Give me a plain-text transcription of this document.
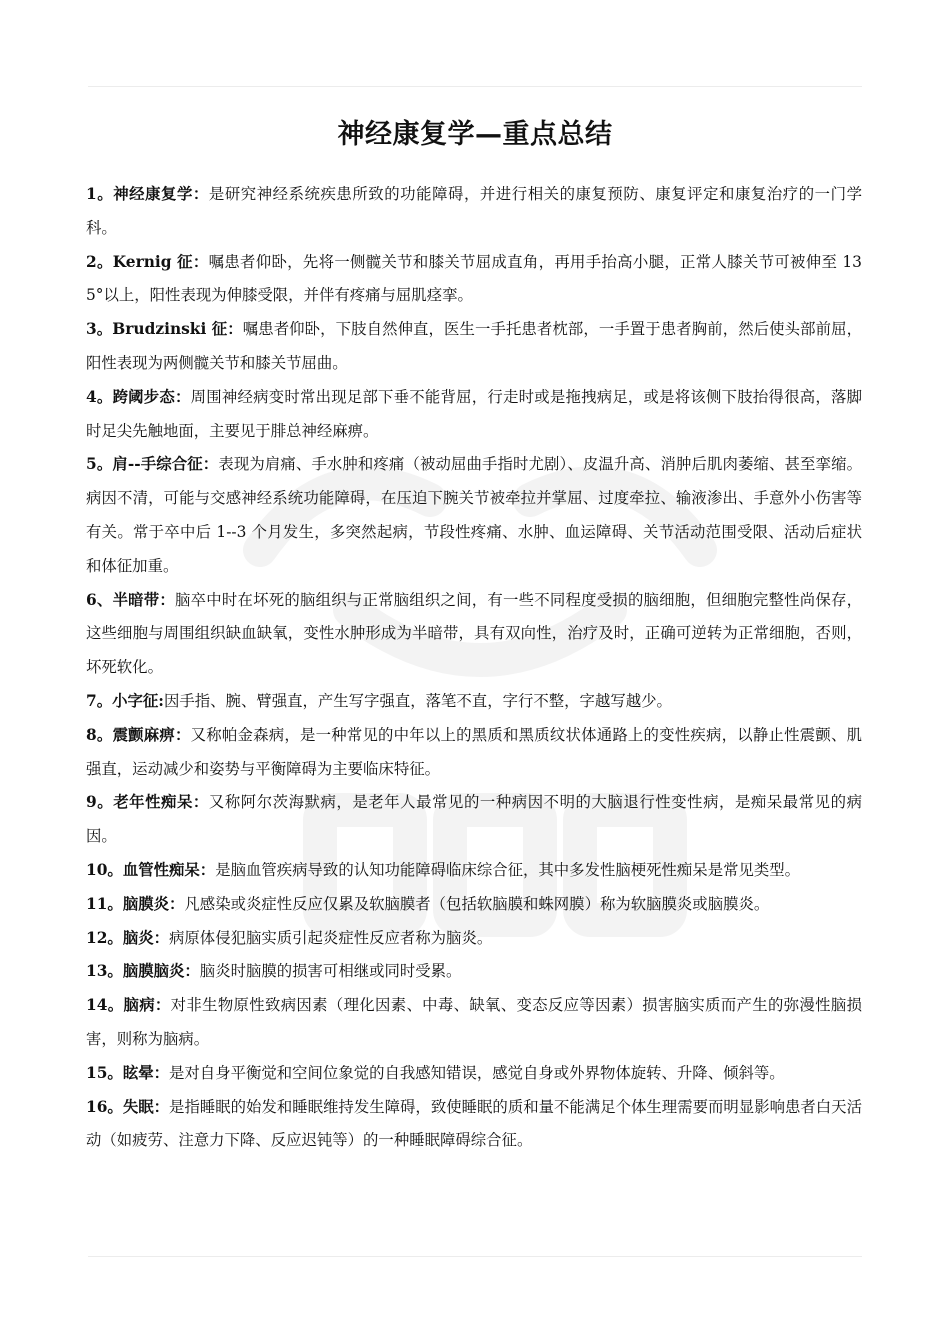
神经康复学—重点总结

1。神经康复学：是研究神经系统疾患所致的功能障碍，并进行相关的康复预防、康复评定和康复治疗的一门学科。

2。Kernig 征：嘱患者仰卧，先将一侧髋关节和膝关节屈成直角，再用手抬高小腿，正常人膝关节可被伸至 135°以上，阳性表现为伸膝受限，并伴有疼痛与屈肌痉挛。

3。Brudzinski 征：嘱患者仰卧，下肢自然伸直，医生一手托患者枕部，一手置于患者胸前，然后使头部前屈，阳性表现为两侧髋关节和膝关节屈曲。

4。跨阈步态：周围神经病变时常出现足部下垂不能背屈，行走时或是拖拽病足，或是将该侧下肢抬得很高，落脚时足尖先触地面，主要见于腓总神经麻痹。

5。肩--手综合征：表现为肩痛、手水肿和疼痛（被动屈曲手指时尤剧）、皮温升高、消肿后肌肉萎缩、甚至挛缩。病因不清，可能与交感神经系统功能障碍，在压迫下腕关节被牵拉并掌屈、过度牵拉、输液渗出、手意外小伤害等有关。常于卒中后 1--3 个月发生，多突然起病，节段性疼痛、水肿、血运障碍、关节活动范围受限、活动后症状和体征加重。

6、半暗带：脑卒中时在坏死的脑组织与正常脑组织之间，有一些不同程度受损的脑细胞，但细胞完整性尚保存，这些细胞与周围组织缺血缺氧，变性水肿形成为半暗带，具有双向性，治疗及时，正确可逆转为正常细胞，否则，坏死软化。

7。小字征:因手指、腕、臂强直，产生写字强直，落笔不直，字行不整，字越写越少。

8。震颤麻痹：又称帕金森病，是一种常见的中年以上的黑质和黑质纹状体通路上的变性疾病，以静止性震颤、肌强直，运动减少和姿势与平衡障碍为主要临床特征。

9。老年性痴呆：又称阿尔茨海默病，是老年人最常见的一种病因不明的大脑退行性变性病，是痴呆最常见的病因。

10。血管性痴呆：是脑血管疾病导致的认知功能障碍临床综合征，其中多发性脑梗死性痴呆是常见类型。

11。脑膜炎：凡感染或炎症性反应仅累及软脑膜者（包括软脑膜和蛛网膜）称为软脑膜炎或脑膜炎。

12。脑炎：病原体侵犯脑实质引起炎症性反应者称为脑炎。

13。脑膜脑炎：脑炎时脑膜的损害可相继或同时受累。

14。脑病：对非生物原性致病因素（理化因素、中毒、缺氧、变态反应等因素）损害脑实质而产生的弥漫性脑损害，则称为脑病。

15。眩晕：是对自身平衡觉和空间位象觉的自我感知错误，感觉自身或外界物体旋转、升降、倾斜等。

16。失眠：是指睡眠的始发和睡眠维持发生障碍，致使睡眠的质和量不能满足个体生理需要而明显影响患者白天活动（如疲劳、注意力下降、反应迟钝等）的一种睡眠障碍综合征。
